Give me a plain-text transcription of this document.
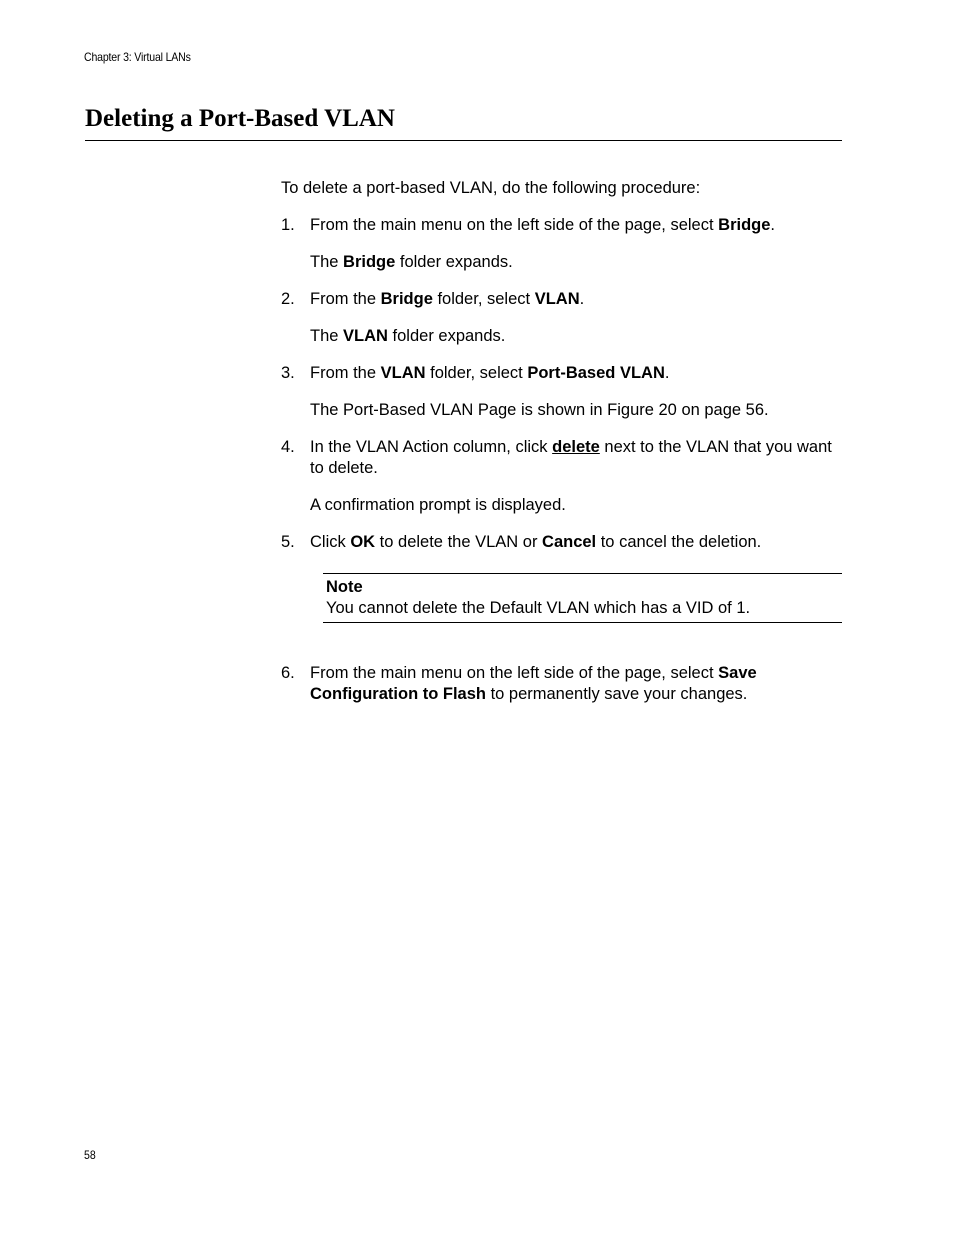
Chapter 3: Virtual LANs
Deleting a Port-Based VLAN

To delete a port-based VLAN, do the following procedure:

1. From the main menu on the left side of the page, select Bridge.

The Bridge folder expands.

2. From the Bridge folder, select VLAN.

The VLAN folder expands.

3. From the VLAN folder, select Port-Based VLAN.

The Port-Based VLAN Page is shown in Figure 20 on page 56.

4. In the VLAN Action column, click delete next to the VLAN that you want to delete.

A confirmation prompt is displayed.

5. Click OK to delete the VLAN or Cancel to cancel the deletion.
Note
You cannot delete the Default VLAN which has a VID of 1.
6. From the main menu on the left side of the page, select Save Configuration to Flash to permanently save your changes.
58
